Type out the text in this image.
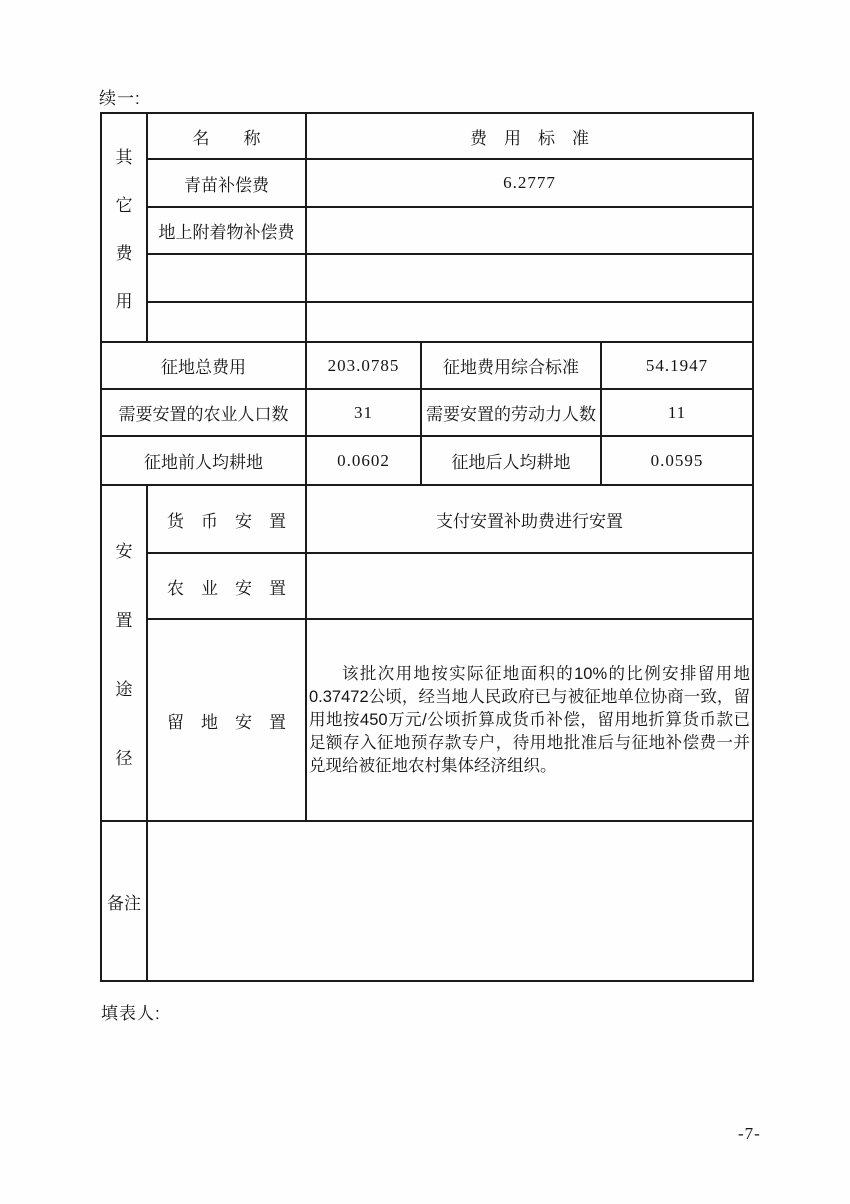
续一:
其
它
费
用	名　　称	费　用　标　准		
	青苗补偿费	6.2777		
	地上附着物补偿费			

征地总费用		203.0785	征地费用综合标准	54.1947
需要安置的农业人口数		31	需要安置的劳动力人数	11
征地前人均耕地		0.0602	征地后人均耕地	0.0595

安
置
途
径	货　币　安　置	支付安置补助费进行安置		
	农　业　安　置			
	留　地　安　置	该批次用地按实际征地面积的10%的比例安排留用地0.37472公顷，经当地人民政府已与被征地单位协商一致，留用地按450万元/公顷折算成货币补偿，留用地折算货币款已足额存入征地预存款专户，待用地批准后与征地补偿费一并兑现给被征地农村集体经济组织。		

备注				
填表人:
-7-
